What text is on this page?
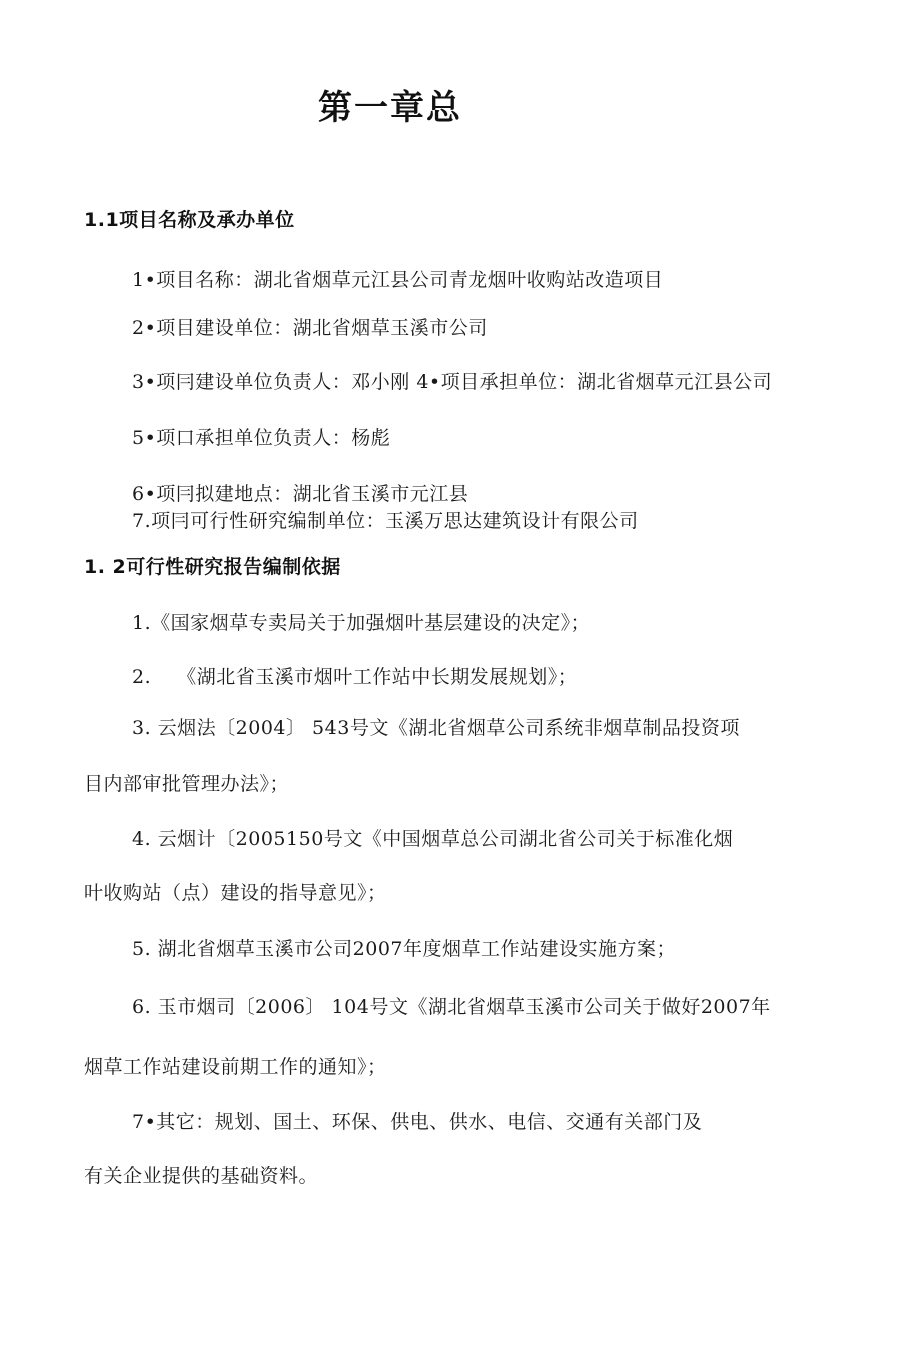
第一章总
1.1项目名称及承办单位
1•项目名称：湖北省烟草元江县公司青龙烟叶收购站改造项目
2•项目建设单位：湖北省烟草玉溪市公司
3•项冃建设单位负责人：邓小刚 4•项目承担单位：湖北省烟草元江县公司
5•项口承担单位负责人：杨彪
6•项冃拟建地点：湖北省玉溪市元江县
7.项冃可行性研究编制单位：玉溪万思达建筑设计有限公司
1. 2可行性研究报告编制依据
1.《国家烟草专卖局关于加强烟叶基层建设的决定》；
2.    《湖北省玉溪市烟叶工作站中长期发展规划》；
3. 云烟法〔2004〕 543号文《湖北省烟草公司系统非烟草制品投资项
目内部审批管理办法》；
4. 云烟计〔2005150号文《中国烟草总公司湖北省公司关于标准化烟
叶收购站（点）建设的指导意见》；
5. 湖北省烟草玉溪市公司2007年度烟草工作站建设实施方案；
6. 玉市烟司〔2006〕 104号文《湖北省烟草玉溪市公司关于做好2007年
烟草工作站建设前期工作的通知》；
7•其它：规划、国土、环保、供电、供水、电信、交通有关部门及
有关企业提供的基础资料。
